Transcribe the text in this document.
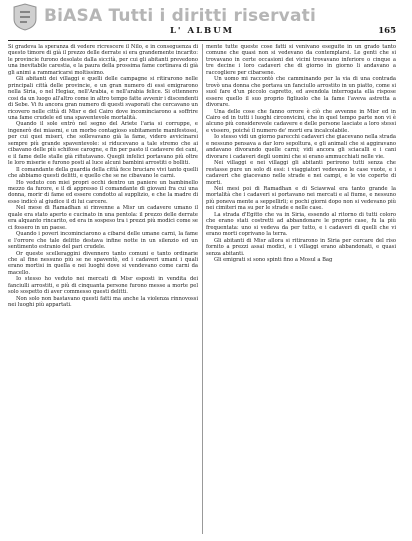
BiASA Tutti i diritti riservati
L' ALBUM	165

Si gradeva la speranza di vedere ricrescere il Nilo, e in conseguenza di questo timore di già il prezzo delle derrate si era grandemente incarito: le provincie furono desolate dalla siccità, per cui gli abitanti prevedono una inevitabile carestia, e la paura della prossima fame cortinava di già gli animi a rammaricarsi moltissimo.

Gli abitanti dei villaggi e quelli delle campagne si ritirarono nelle principali città delle provincie, e un gran numero di essi emigrarono nella Siria, o nel Hegiaz, nell'Arabia, e nell'arabia felice. Si ottennero cosi da un luogo all'altro come in altro tempo fatte avvenir i discendenti di Sebe. Vi fu ancora gran numero di questi svaporati che cercavano un ricovero nelle città di Misr e del Cairo dove incominciarono a soffrire una fame crudele ed una spaventevole mortalità.

Quando il sole entrò nel segno del Ariete l'aria si corruppe, e ingenerò dei miasmi, e un morbo contagioso subitamente manifestossi, per cui quei miseri, che sollevavano già la fame, videro avvicinarsi sempre più grande spaventevole: si riducevano a tale stremo che ai cibavano delle più schifose carogne, e fin per pasto il cadavere dei cani, e il fame delle stalle già rifiutavano. Quegli infelici portavano più oltre le loro miserie e furono posti al luce alcuni bambini arrostiti o bolliti.

Il comandante della guardia della città fece bruciare vivi tanto quelli che abbiamo questi delitti, e quello che se ne cibavano le carni.

Ho veduto con miei propri occhi dentro un paniere un bambinello mezzo da furore, e il dì appresso il comandante di giovani fra cui una donna, morir di fame ed essere condotto al supplizio, e che la madre di esso indicò al giudice il di lui carcere.

Nel mese di Ramadhan si rinvenne a Misr un cadavere umano il quale era stato aperto e cucinato in una pentola: il prezzo delle derrate era alquanto rincarito, ed era in sospeso tra i prezzi più modici come se ci fossero in un paese.

Quando i poveri incominciarono a cibarsi delle umane carni, la fame e l'orrore che tale delitto destava infine notte in un silenzio ed un sentimento estranio del pari crudele.

Or queste scelleraggini divennero tanto comuni e tanto ordinarie che al fine nessuno più se ne spaventò, ed i cadaveri umani i quali erano mortisi in quella e nei luoghi dove si vendevano come carni da macello.

Io stesso ho veduto nei mercati di Misr esposti in vendita dei fanciulli arrostiti, e più di cinquanta persone furono messe a morte pel solo sospetto di aver commesso questi delitti.

Non solo non bastavano questi fatti ma anche la violenza rinnovossi nei luoghi più appartati.

mente tutte queste cose fatti si venivano eseguite in un grado tanto comune che quasi non si vedevano da contemplarsi. Le genti che si trovavano in certe occasioni dei vicini trovavano inferiore o cinque a tre decine i loro cadaveri che di giorno in giorno li andavano a raccogliere per cibarsene.

Un uomo mi raccontò che camminando per la via di una contrada trovò una donna che portava un fanciullo arrostito in un piatto, come si suol fare d'un piccolo capretto, ed avendola interrogata ella rispose essere quello il suo proprio figliuolo che la fame l'aveva astretta a divorare.

Una delle cose che fanno orrore è ciò che avvenne in Misr ed in Cairo ed in tutti i luoghi circonvicini, che in quel tempo parte non vi è alcuno più considerevole cadavere e delle persone lasciate a loro stessi e vissero, poiché il numero de' morti era incalcolabile.

Io stesso vidi un giorno parecchi cadaveri che giacevano nella strada e nessuno pensava a dar loro sepoltura, e gli animali che si aggiravano andavano divorando quelle carni; vidi ancora gli sciacalli e i cani divorare i cadaveri degli uomini che si erano ammucchiati nelle vie.

Nei villaggi e nei villaggi gli abitanti perirono tutti senza che restasse pure un solo di essi: i viaggiatori vedevano le case vuote, e i cadaveri che giacevano nelle strade e nei campi, e le vie coperte di morti.

Nei mesi poi di Ramadhan e di Sciawwal era tanto grande la mortalità che i cadaveri si portavano nei mercati e al fiume, e nessuno più poneva mente a seppellirli; e pochi giorni dopo non si vedevano più nei cimiteri ma su per le strade e nelle case.

La strada d'Egitto che va in Siria, essendo al ritorno di tutti coloro che erano stati costretti ad abbandonare le proprie case, fu la più frequentata: uno si vedeva da per tutto, e i cadaveri di quelli che vi erano morti coprivano la terra.

Gli abitanti di Misr allora si ritirarono in Siria per cercare del riso fornito a prezzi assai modici, e i villaggi erano abbandonati, e quasi senza abitanti.

Gli emigrati si sono spinti fino a Mosul a Bag
